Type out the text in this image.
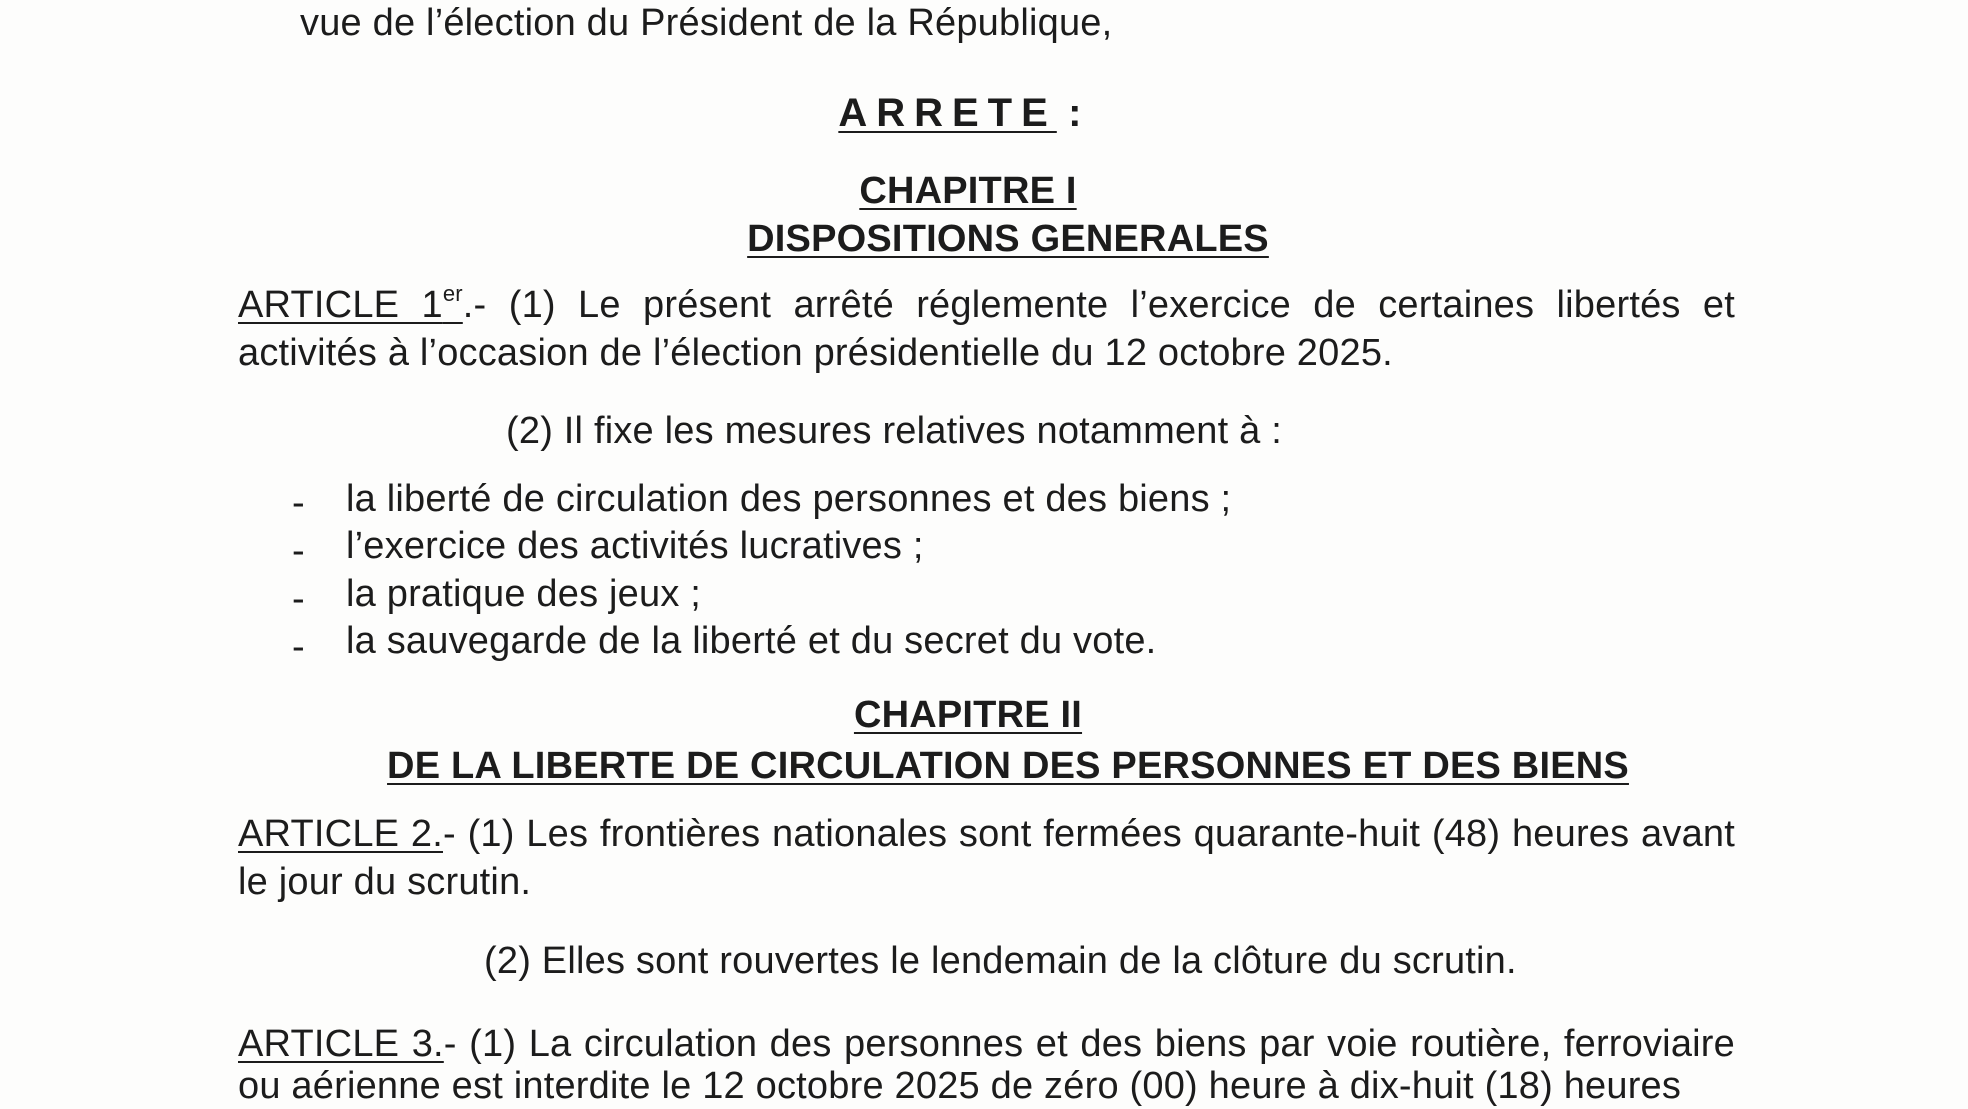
vue de l’élection du Président de la République,
ARRETE :
CHAPITRE I
DISPOSITIONS GENERALES
ARTICLE 1er.- (1) Le présent arrêté réglemente l’exercice de certaines libertés et
activités à l’occasion de l’élection présidentielle du 12 octobre 2025.
(2) Il fixe les mesures relatives notamment à :
- la liberté de circulation des personnes et des biens ;
- l’exercice des activités lucratives ;
- la pratique des jeux ;
- la sauvegarde de la liberté et du secret du vote.
CHAPITRE II
DE LA LIBERTE DE CIRCULATION DES PERSONNES ET DES BIENS
ARTICLE 2.- (1) Les frontières nationales sont fermées quarante-huit (48) heures avant
le jour du scrutin.
(2) Elles sont rouvertes le lendemain de la clôture du scrutin.
ARTICLE 3.- (1) La circulation des personnes et des biens par voie routière, ferroviaire
ou aérienne est interdite le 12 octobre 2025 de zéro (00) heure à dix-huit (18) heures
